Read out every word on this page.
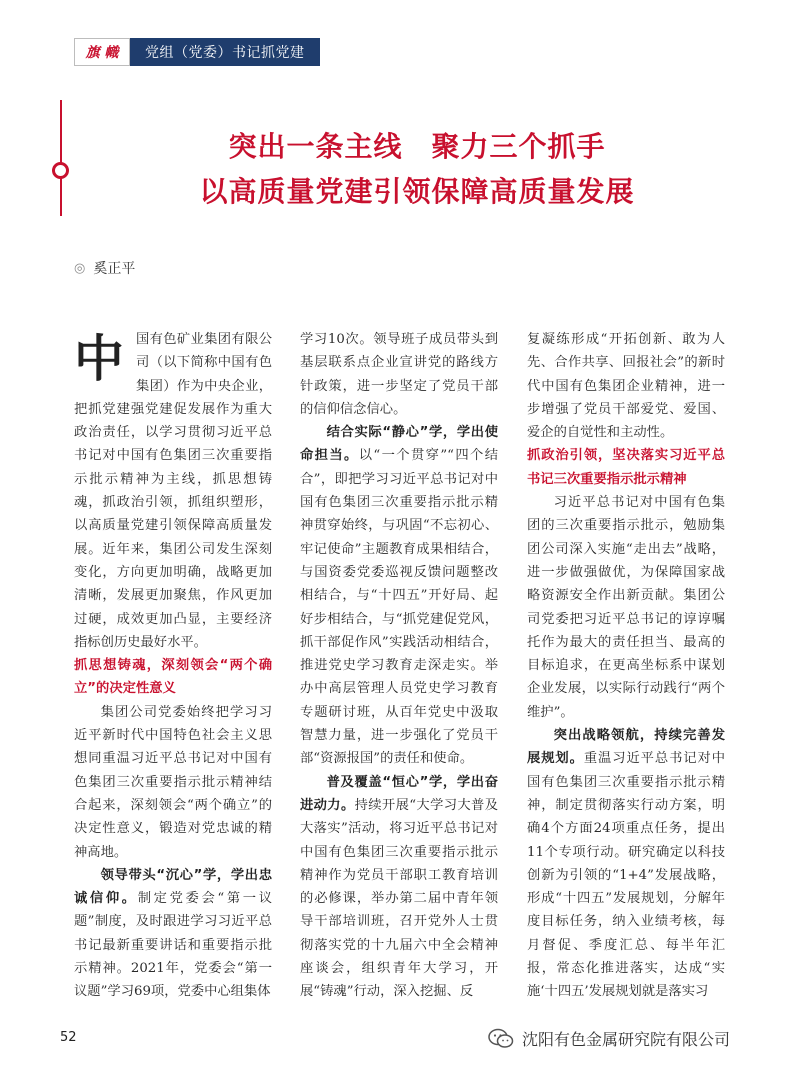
旗 幟	党组（党委）书记抓党建
突出一条主线　聚力三个抓手
以高质量党建引领保障高质量发展
◎ 奚正平

中国有色矿业集团有限公司（以下简称中国有色集团）作为中央企业，把抓党建强党建促发展作为重大政治责任，以学习贯彻习近平总书记对中国有色集团三次重要指示批示精神为主线，抓思想铸魂，抓政治引领，抓组织塑形，以高质量党建引领保障高质量发展。近年来，集团公司发生深刻变化，方向更加明确，战略更加清晰，发展更加聚焦，作风更加过硬，成效更加凸显，主要经济指标创历史最好水平。

抓思想铸魂，深刻领会“两个确立”的决定性意义

集团公司党委始终把学习习近平新时代中国特色社会主义思想同重温习近平总书记对中国有色集团三次重要指示批示精神结合起来，深刻领会“两个确立”的决定性意义，锻造对党忠诚的精神高地。

领导带头“沉心”学，学出忠诚信仰。制定党委会“第一议题”制度，及时跟进学习习近平总书记最新重要讲话和重要指示批示精神。2021年，党委会“第一议题”学习69项，党委中心组集体

学习10次。领导班子成员带头到基层联系点企业宣讲党的路线方针政策，进一步坚定了党员干部的信仰信念信心。

结合实际“静心”学，学出使命担当。以“一个贯穿”“四个结合”，即把学习习近平总书记对中国有色集团三次重要指示批示精神贯穿始终，与巩固“不忘初心、牢记使命”主题教育成果相结合，与国资委党委巡视反馈问题整改相结合，与“十四五”开好局、起好步相结合，与“抓党建促党风，抓干部促作风”实践活动相结合，推进党史学习教育走深走实。举办中高层管理人员党史学习教育专题研讨班，从百年党史中汲取智慧力量，进一步强化了党员干部“资源报国”的责任和使命。

普及覆盖“恒心”学，学出奋进动力。持续开展“大学习大普及大落实”活动，将习近平总书记对中国有色集团三次重要指示批示精神作为党员干部职工教育培训的必修课，举办第二届中青年领导干部培训班，召开党外人士贯彻落实党的十九届六中全会精神座谈会，组织青年大学习，开展“铸魂”行动，深入挖掘、反

复凝练形成“开拓创新、敢为人先、合作共享、回报社会”的新时代中国有色集团企业精神，进一步增强了党员干部爱党、爱国、爱企的自觉性和主动性。

抓政治引领，坚决落实习近平总书记三次重要指示批示精神

习近平总书记对中国有色集团的三次重要指示批示，勉励集团公司深入实施“走出去”战略，进一步做强做优，为保障国家战略资源安全作出新贡献。集团公司党委把习近平总书记的谆谆嘱托作为最大的责任担当、最高的目标追求，在更高坐标系中谋划企业发展，以实际行动践行“两个维护”。

突出战略领航，持续完善发展规划。重温习近平总书记对中国有色集团三次重要指示批示精神，制定贯彻落实行动方案，明确4个方面24项重点任务，提出11个专项行动。研究确定以科技创新为引领的“1+4”发展战略，形成“十四五”发展规划，分解年度目标任务，纳入业绩考核，每月督促、季度汇总、每半年汇报，常态化推进落实，达成“实施‘十四五’发展规划就是落实习

52	沈阳有色金属研究院有限公司
